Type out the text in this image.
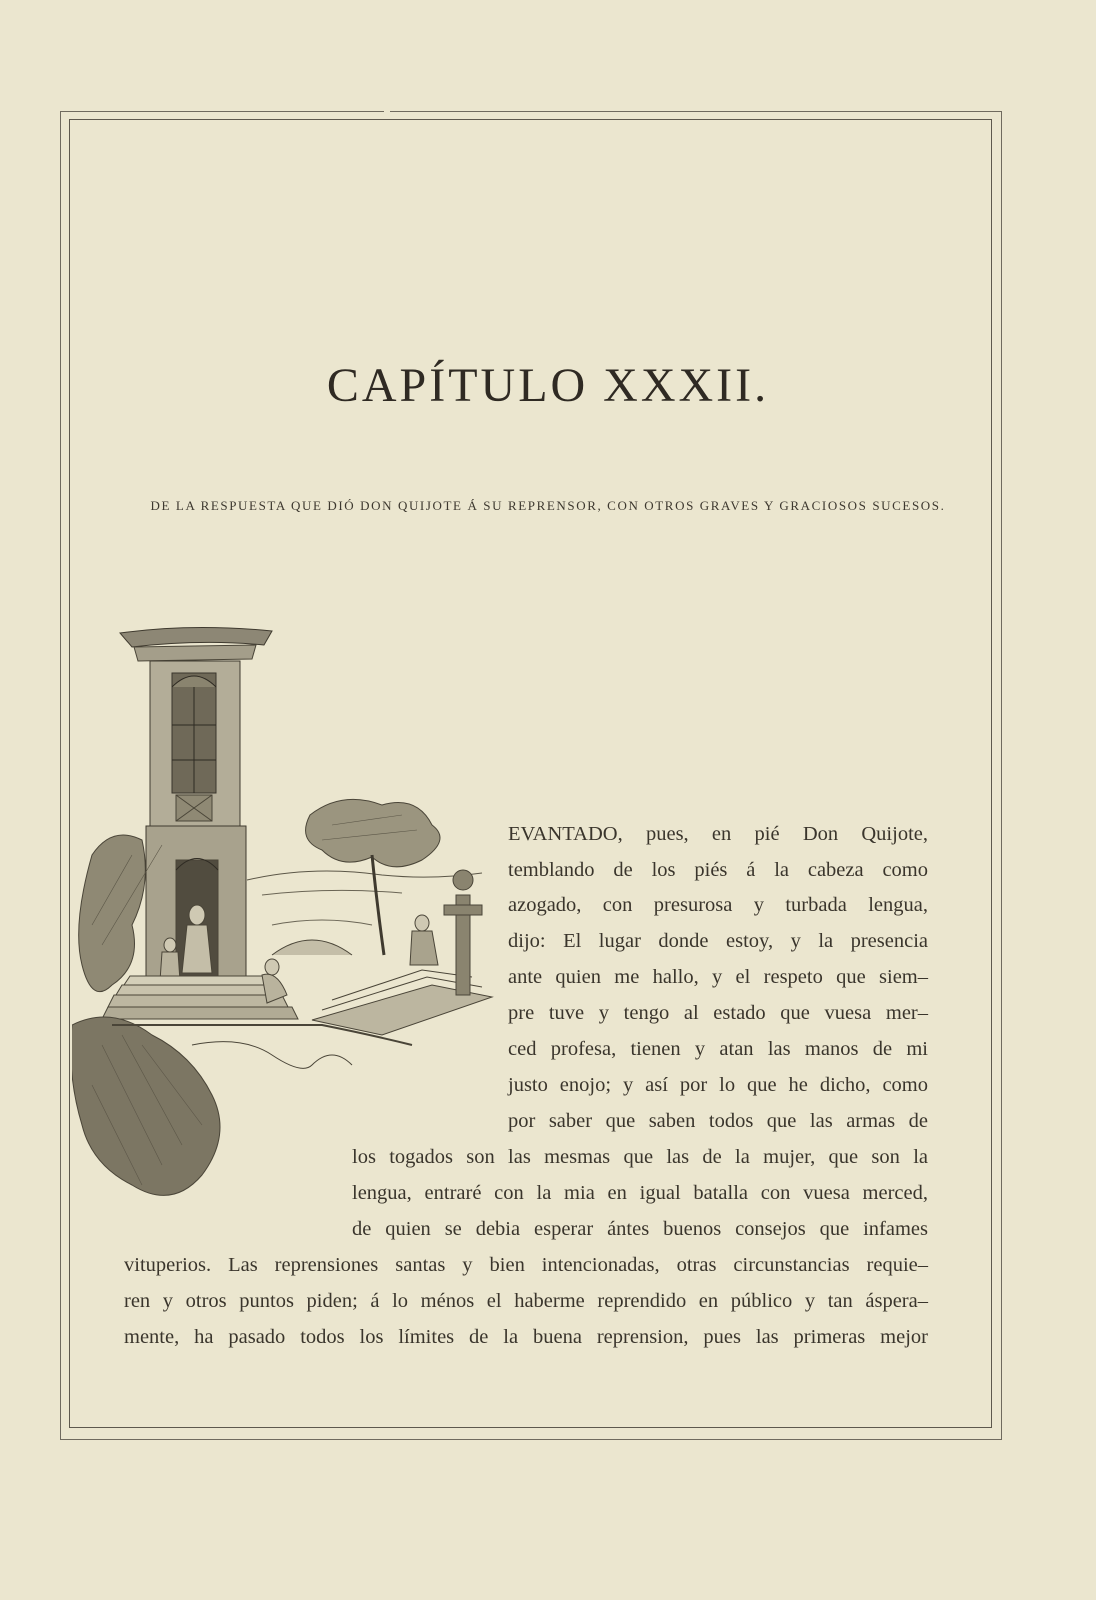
CAPÍTULO XXXII.
DE LA RESPUESTA QUE DIÓ DON QUIJOTE Á SU REPRENSOR, CON OTROS GRAVES Y GRACIOSOS SUCESOS.
EVANTADO, pues, en pié Don Quijote,
temblando de los piés á la cabeza como
azogado, con presurosa y turbada lengua,
dijo: El lugar donde estoy, y la presencia
ante quien me hallo, y el respeto que siem–
pre tuve y tengo al estado que vuesa mer–
ced profesa, tienen y atan las manos de mi
justo enojo; y así por lo que he dicho, como
por saber que saben todos que las armas de
los togados son las mesmas que las de la mujer, que son la
lengua, entraré con la mia en igual batalla con vuesa merced,
de quien se debia esperar ántes buenos consejos que infames
vituperios. Las reprensiones santas y bien intencionadas, otras circunstancias requie–
ren y otros puntos piden; á lo ménos el haberme reprendido en público y tan áspera–
mente, ha pasado todos los límites de la buena reprension, pues las primeras mejor
